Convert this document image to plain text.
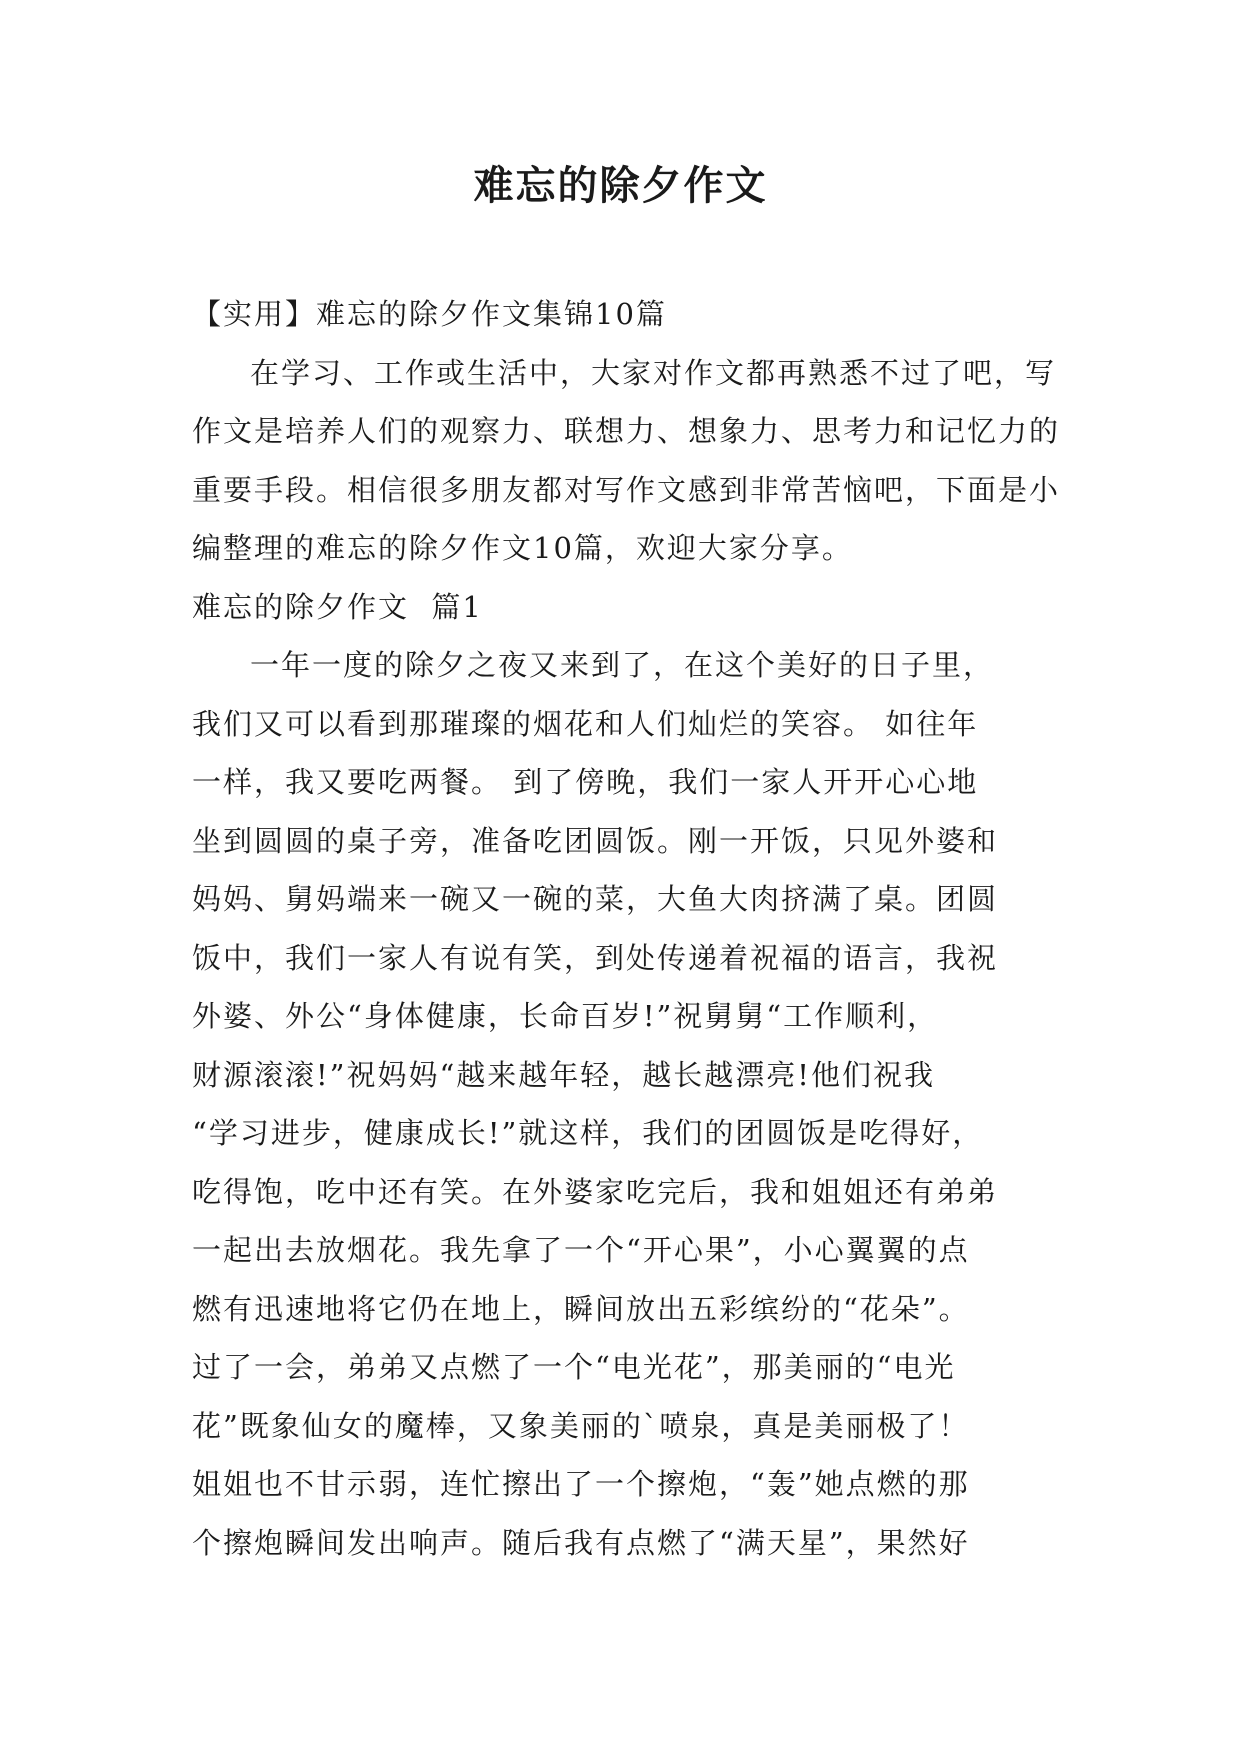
难忘的除夕作文

【实用】难忘的除夕作文集锦10篇

在学习、工作或生活中，大家对作文都再熟悉不过了吧，写作文是培养人们的观察力、联想力、想象力、思考力和记忆力的重要手段。相信很多朋友都对写作文感到非常苦恼吧，下面是小编整理的难忘的除夕作文10篇，欢迎大家分享。

难忘的除夕作文  篇1

一年一度的除夕之夜又来到了，在这个美好的日子里，

我们又可以看到那璀璨的烟花和人们灿烂的笑容。 如往年

一样，我又要吃两餐。 到了傍晚，我们一家人开开心心地

坐到圆圆的桌子旁，准备吃团圆饭。刚一开饭，只见外婆和

妈妈、舅妈端来一碗又一碗的菜，大鱼大肉挤满了桌。团圆

饭中，我们一家人有说有笑，到处传递着祝福的语言，我祝

外婆、外公“身体健康，长命百岁!”祝舅舅“工作顺利，

财源滚滚!”祝妈妈“越来越年轻，越长越漂亮!他们祝我

“学习进步，健康成长!”就这样，我们的团圆饭是吃得好，

吃得饱，吃中还有笑。在外婆家吃完后，我和姐姐还有弟弟

一起出去放烟花。我先拿了一个“开心果”，小心翼翼的点

燃有迅速地将它仍在地上，瞬间放出五彩缤纷的“花朵”。

过了一会，弟弟又点燃了一个“电光花”，那美丽的“电光

花”既象仙女的魔棒，又象美丽的`喷泉，真是美丽极了！

姐姐也不甘示弱，连忙擦出了一个擦炮，“轰”她点燃的那

个擦炮瞬间发出响声。随后我有点燃了“满天星”，果然好
